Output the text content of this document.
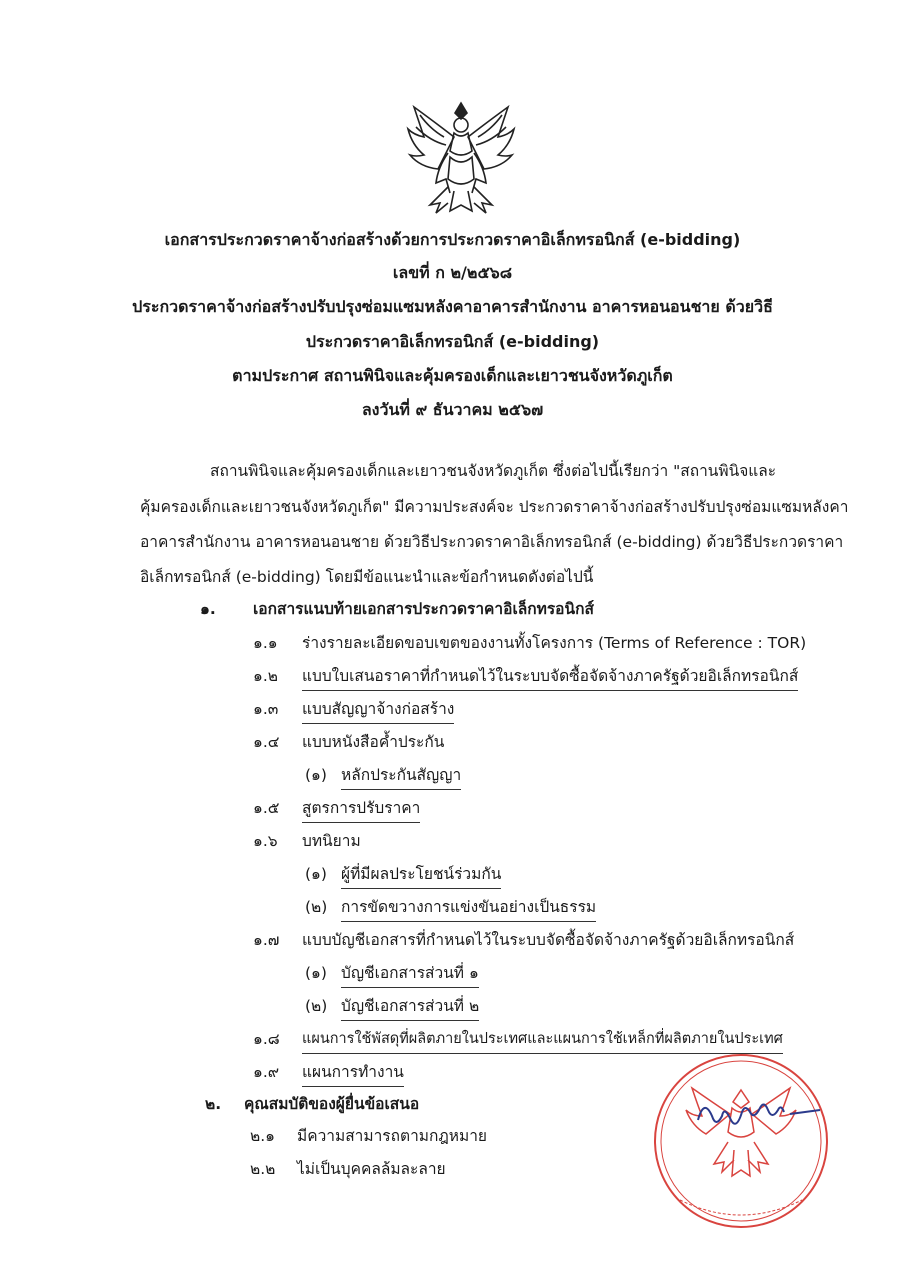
เอกสารประกวดราคาจ้างก่อสร้างด้วยการประกวดราคาอิเล็กทรอนิกส์ (e-bidding)
เลขที่ ก ๒/๒๕๖๘
ประกวดราคาจ้างก่อสร้างปรับปรุงซ่อมแซมหลังคาอาคารสำนักงาน อาคารหอนอนชาย ด้วยวิธี
ประกวดราคาอิเล็กทรอนิกส์ (e-bidding)
ตามประกาศ สถานพินิจและคุ้มครองเด็กและเยาวชนจังหวัดภูเก็ต
ลงวันที่ ๙ ธันวาคม ๒๕๖๗
สถานพินิจและคุ้มครองเด็กและเยาวชนจังหวัดภูเก็ต ซึ่งต่อไปนี้เรียกว่า "สถานพินิจและ
คุ้มครองเด็กและเยาวชนจังหวัดภูเก็ต" มีความประสงค์จะ ประกวดราคาจ้างก่อสร้างปรับปรุงซ่อมแซมหลังคา
อาคารสำนักงาน อาคารหอนอนชาย ด้วยวิธีประกวดราคาอิเล็กทรอนิกส์ (e-bidding) ด้วยวิธีประกวดราคา
อิเล็กทรอนิกส์ (e-bidding) โดยมีข้อแนะนำและข้อกำหนดดังต่อไปนี้
๑. เอกสารแนบท้ายเอกสารประกวดราคาอิเล็กทรอนิกส์
๑.๑ ร่างรายละเอียดขอบเขตของงานทั้งโครงการ (Terms of Reference : TOR)
๑.๒ แบบใบเสนอราคาที่กำหนดไว้ในระบบจัดซื้อจัดจ้างภาครัฐด้วยอิเล็กทรอนิกส์
๑.๓ แบบสัญญาจ้างก่อสร้าง
๑.๔ แบบหนังสือค้ำประกัน
(๑) หลักประกันสัญญา
๑.๕ สูตรการปรับราคา
๑.๖ บทนิยาม
(๑) ผู้ที่มีผลประโยชน์ร่วมกัน
(๒) การขัดขวางการแข่งขันอย่างเป็นธรรม
๑.๗ แบบบัญชีเอกสารที่กำหนดไว้ในระบบจัดซื้อจัดจ้างภาครัฐด้วยอิเล็กทรอนิกส์
(๑) บัญชีเอกสารส่วนที่ ๑
(๒) บัญชีเอกสารส่วนที่ ๒
๑.๘ แผนการใช้พัสดุที่ผลิตภายในประเทศและแผนการใช้เหล็กที่ผลิตภายในประเทศ
๑.๙ แผนการทำงาน
๒. คุณสมบัติของผู้ยื่นข้อเสนอ
๒.๑ มีความสามารถตามกฎหมาย
๒.๒ ไม่เป็นบุคคลล้มละลาย
